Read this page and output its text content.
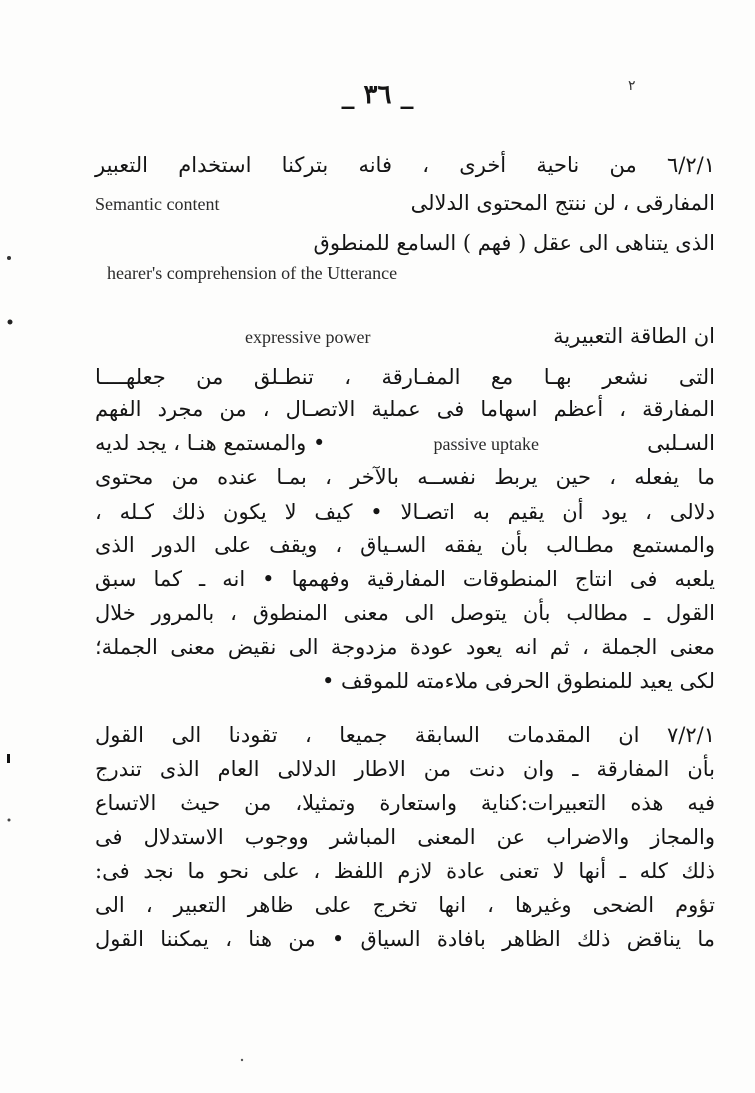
٢
_ ٣٦ _
٦/٢/١ من ناحية أخرى ، فانه بتركنا استخدام التعبير
Semantic content	المفارقى ، لن ننتج المحتوى الدلالى
الذى يتناهى الى عقل ( فهم ) السامع للمنطوق
hearer's comprehension of the Utterance
expressive power	ان الطاقة التعبيرية
التى نشعر بهـا مع المفـارقة ، تنطـلق من جعلهــــا
المفارقة ، أعظم اسهاما فى عملية الاتصـال ، من مجرد الفهم
• والمستمع هنـا ، يجد لديه	passive uptake	السـلبى
ما يفعله ، حين يربط نفســه بالآخر ، بمـا عنده من محتوى
دلالى ، يود أن يقيم به اتصـالا • كيف لا يكون ذلك كـله ،
والمستمع مطـالب بأن يفقه السـياق ، ويقف على الدور الذى
يلعبه فى انتاج المنطوقات المفارقية وفهمها • انه ـ كما سبق
القول ـ مطالب بأن يتوصل الى معنى المنطوق ، بالمرور خلال
معنى الجملة ، ثم انه يعود عودة مزدوجة الى نقيض معنى الجملة؛
لكى يعيد للمنطوق الحرفى ملاءمته للموقف •
٧/٢/١ ان المقدمات السابقة جميعا ، تقودنا الى القول
بأن المفارقة ـ وان دنت من الاطار الدلالى العام الذى تندرج
فيه هذه التعبيرات:كناية واستعارة وتمثيلا، من حيث الاتساع
والمجاز والاضراب عن المعنى المباشر ووجوب الاستدلال فى
ذلك كله ـ أنها لا تعنى عادة لازم اللفظ ، على نحو ما نجد فى:
تؤوم الضحى وغيرها ، انها تخرج على ظاهر التعبير ، الى
ما يناقض ذلك الظاهر بافادة السياق • من هنا ، يمكننا القول
